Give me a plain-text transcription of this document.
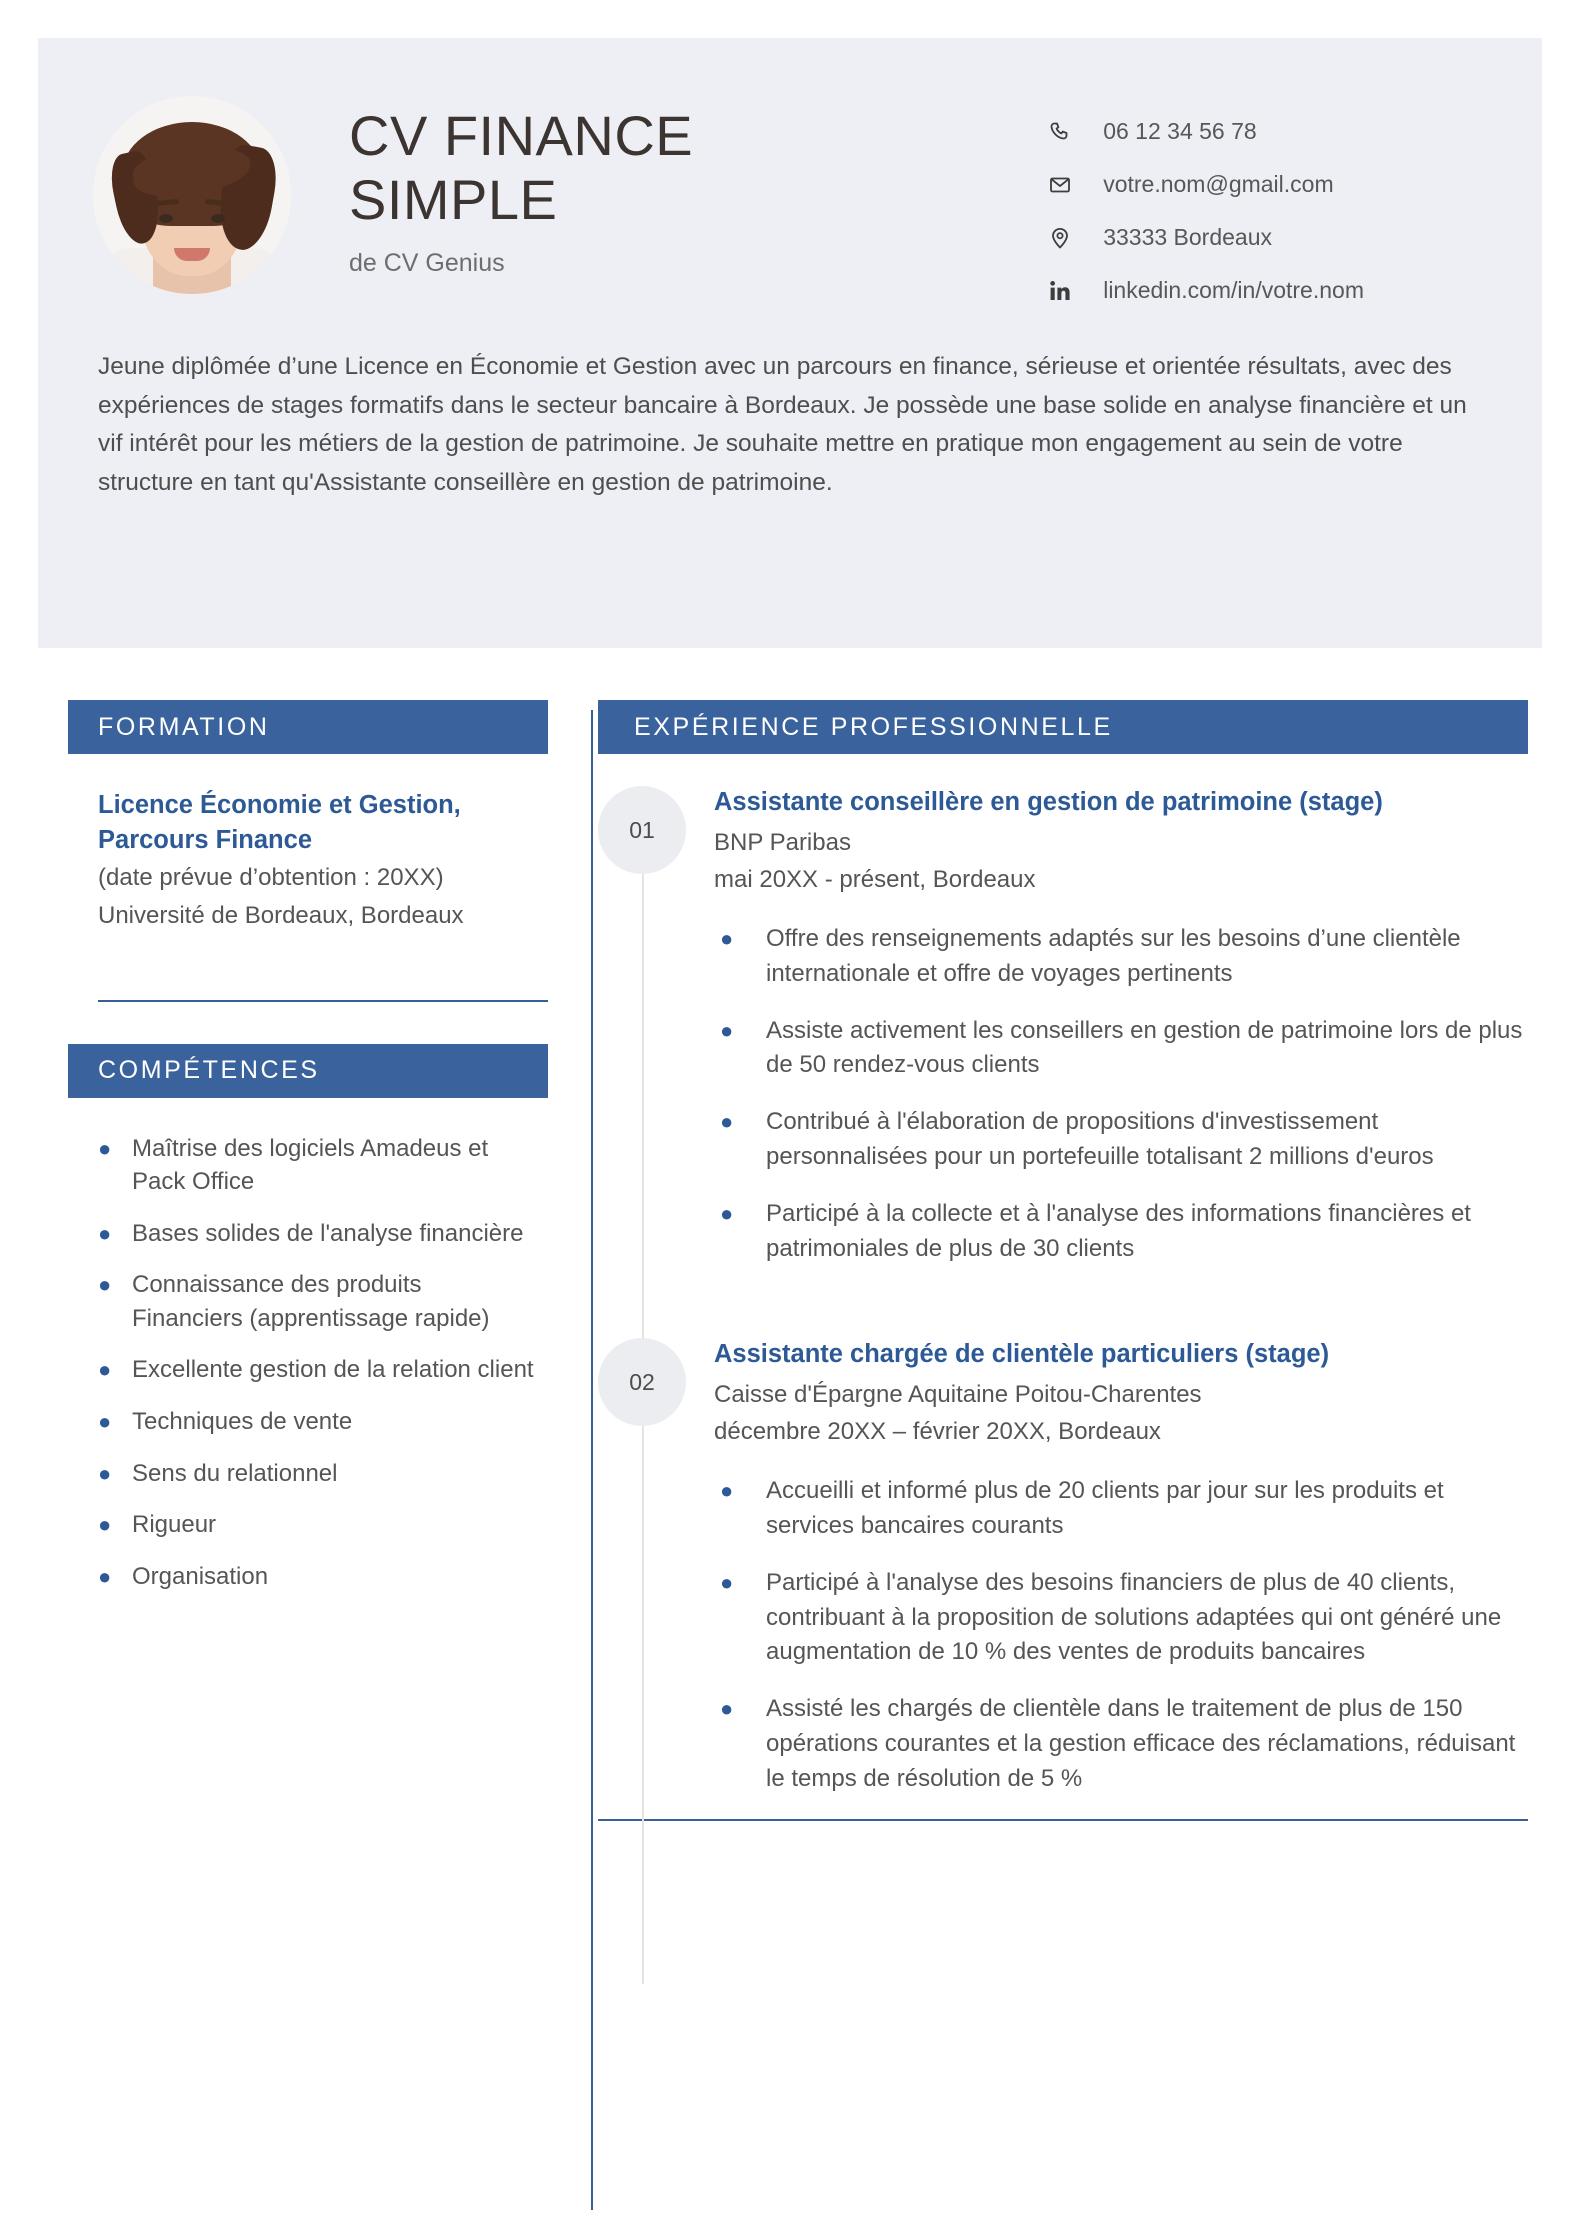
CV FINANCE SIMPLE
de CV Genius
06 12 34 56 78
votre.nom@gmail.com
33333 Bordeaux
linkedin.com/in/votre.nom
Jeune diplômée d’une Licence en Économie et Gestion avec un parcours en finance, sérieuse et orientée résultats, avec des expériences de stages formatifs dans le secteur bancaire à Bordeaux. Je possède une base solide en analyse financière et un vif intérêt pour les métiers de la gestion de patrimoine. Je souhaite mettre en pratique mon engagement au sein de votre structure en tant qu'Assistante conseillère en gestion de patrimoine.
FORMATION
Licence Économie et Gestion, Parcours Finance
(date prévue d’obtention : 20XX)
Université de Bordeaux, Bordeaux
COMPÉTENCES
● Maîtrise des logiciels Amadeus et Pack Office
● Bases solides de l'analyse financière
● Connaissance des produits Financiers (apprentissage rapide)
● Excellente gestion de la relation client
● Techniques de vente
● Sens du relationnel
● Rigueur
● Organisation
EXPÉRIENCE PROFESSIONNELLE
01
Assistante conseillère en gestion de patrimoine (stage)
BNP Paribas
mai 20XX - présent, Bordeaux
●	Offre des renseignements adaptés sur les besoins d’une clientèle internationale et offre de voyages pertinents
●	Assiste activement les conseillers en gestion de patrimoine lors de plus de 50 rendez-vous clients
●	Contribué à l'élaboration de propositions d'investissement personnalisées pour un portefeuille totalisant 2 millions d'euros
●	Participé à la collecte et à l'analyse des informations financières et patrimoniales de plus de 30 clients
02
Assistante chargée de clientèle particuliers (stage)
Caisse d'Épargne Aquitaine Poitou-Charentes
décembre 20XX – février 20XX, Bordeaux
●	Accueilli et informé plus de 20 clients par jour sur les produits et services bancaires courants
●	Participé à l'analyse des besoins financiers de plus de 40 clients, contribuant à la proposition de solutions adaptées qui ont généré une augmentation de 10 % des ventes de produits bancaires
●	Assisté les chargés de clientèle dans le traitement de plus de 150 opérations courantes et la gestion efficace des réclamations, réduisant le temps de résolution de 5 %
